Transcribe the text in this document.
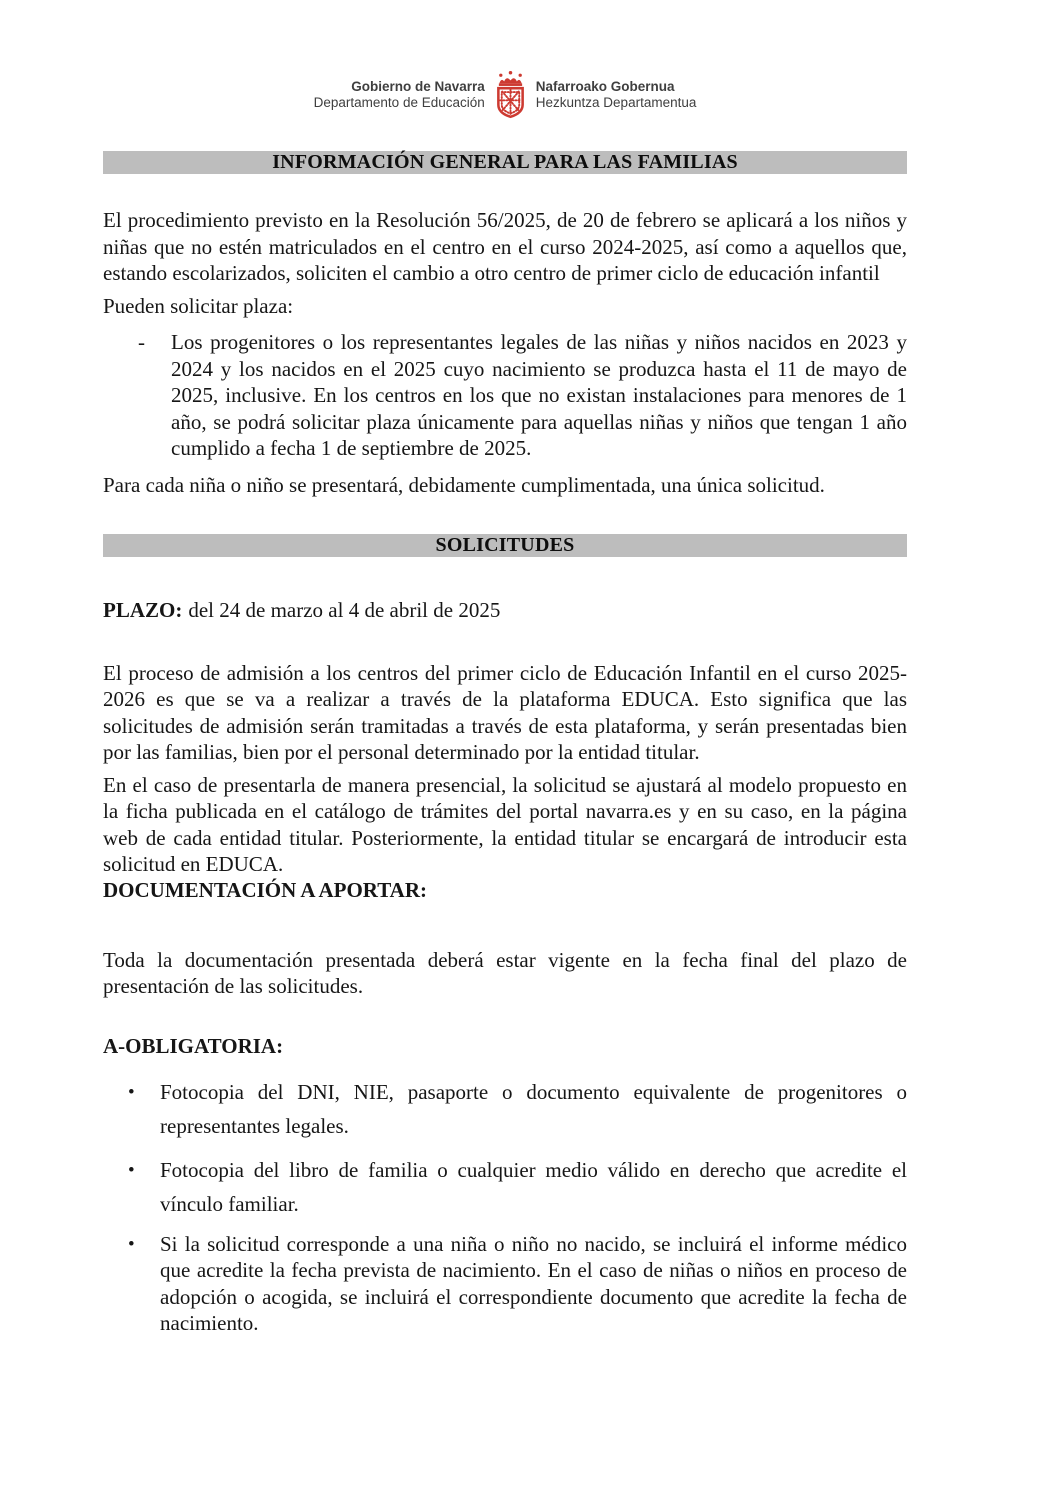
Gobierno de Navarra
Departamento de Educación
Nafarroako Gobernua
Hezkuntza Departamentua
INFORMACIÓN GENERAL PARA LAS FAMILIAS

El procedimiento previsto en la Resolución 56/2025, de 20 de febrero se aplicará a los niños y niñas que no estén matriculados en el centro en el curso 2024-2025, así como a aquellos que, estando escolarizados, soliciten el cambio a otro centro de primer ciclo de educación infantil

Pueden solicitar plaza:

- Los progenitores o los representantes legales de las niñas y niños nacidos en 2023 y 2024 y los nacidos en el 2025 cuyo nacimiento se produzca hasta el 11 de mayo de 2025, inclusive. En los centros en los que no existan instalaciones para menores de 1 año, se podrá solicitar plaza únicamente para aquellas niñas y niños que tengan 1 año cumplido a fecha 1 de septiembre de 2025.

Para cada niña o niño se presentará, debidamente cumplimentada, una única solicitud.

SOLICITUDES

PLAZO: del 24 de marzo al 4 de abril de 2025

El proceso de admisión a los centros del primer ciclo de Educación Infantil en el curso 2025-2026 es que se va a realizar a través de la plataforma EDUCA. Esto significa que las solicitudes de admisión serán tramitadas a través de esta plataforma, y serán presentadas bien por las familias, bien por el personal determinado por la entidad titular.

En el caso de presentarla de manera presencial, la solicitud se ajustará al modelo propuesto en la ficha publicada en el catálogo de trámites del portal navarra.es y en su caso, en la página web de cada entidad titular. Posteriormente, la entidad titular se encargará de introducir esta solicitud en EDUCA.

DOCUMENTACIÓN A APORTAR:

Toda la documentación presentada deberá estar vigente en la fecha final del plazo de presentación de las solicitudes.

A-OBLIGATORIA:
• Fotocopia del DNI, NIE, pasaporte o documento equivalente de progenitores o representantes legales.
• Fotocopia del libro de familia o cualquier medio válido en derecho que acredite el vínculo familiar.
• Si la solicitud corresponde a una niña o niño no nacido, se incluirá el informe médico que acredite la fecha prevista de nacimiento. En el caso de niñas o niños en proceso de adopción o acogida, se incluirá el correspondiente documento que acredite la fecha de nacimiento.
